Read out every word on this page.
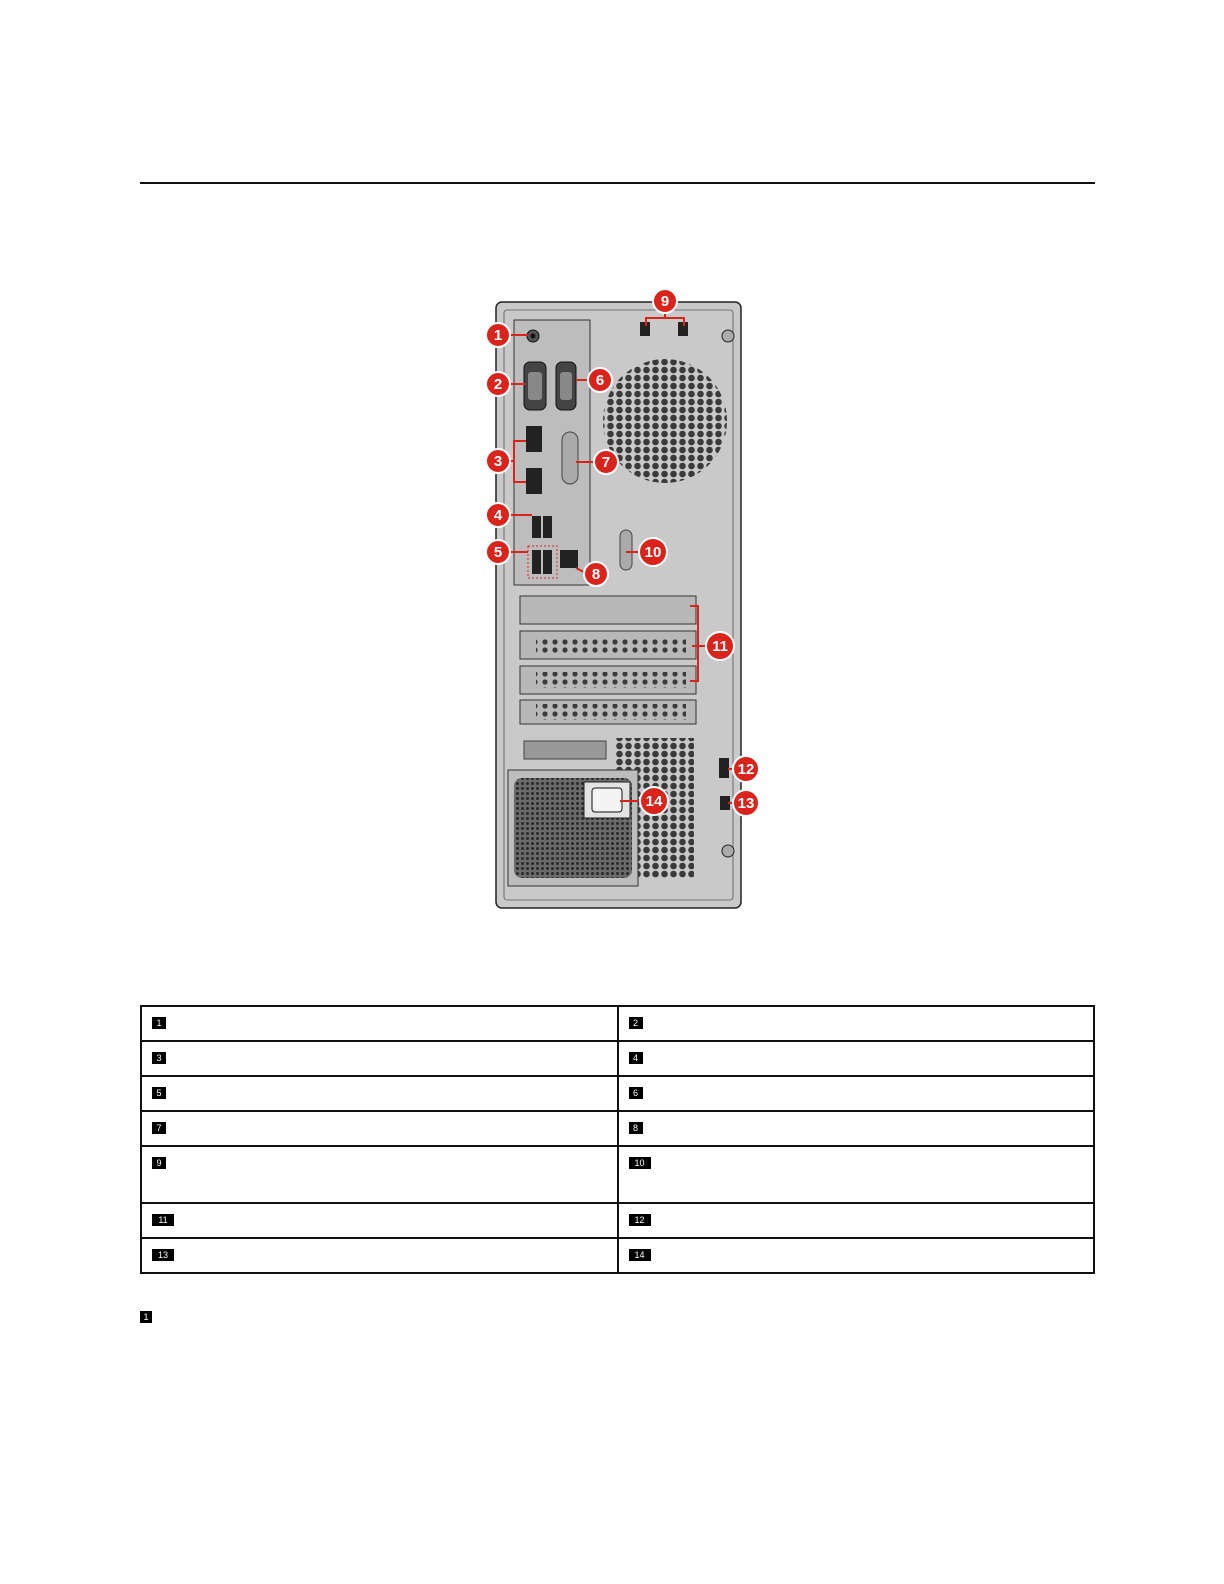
1
2
3
4
5
6
7
8
9
10
11
12
13
14
1	2
3	4
5	6
7	8
9	10
11	12
13	14
1
